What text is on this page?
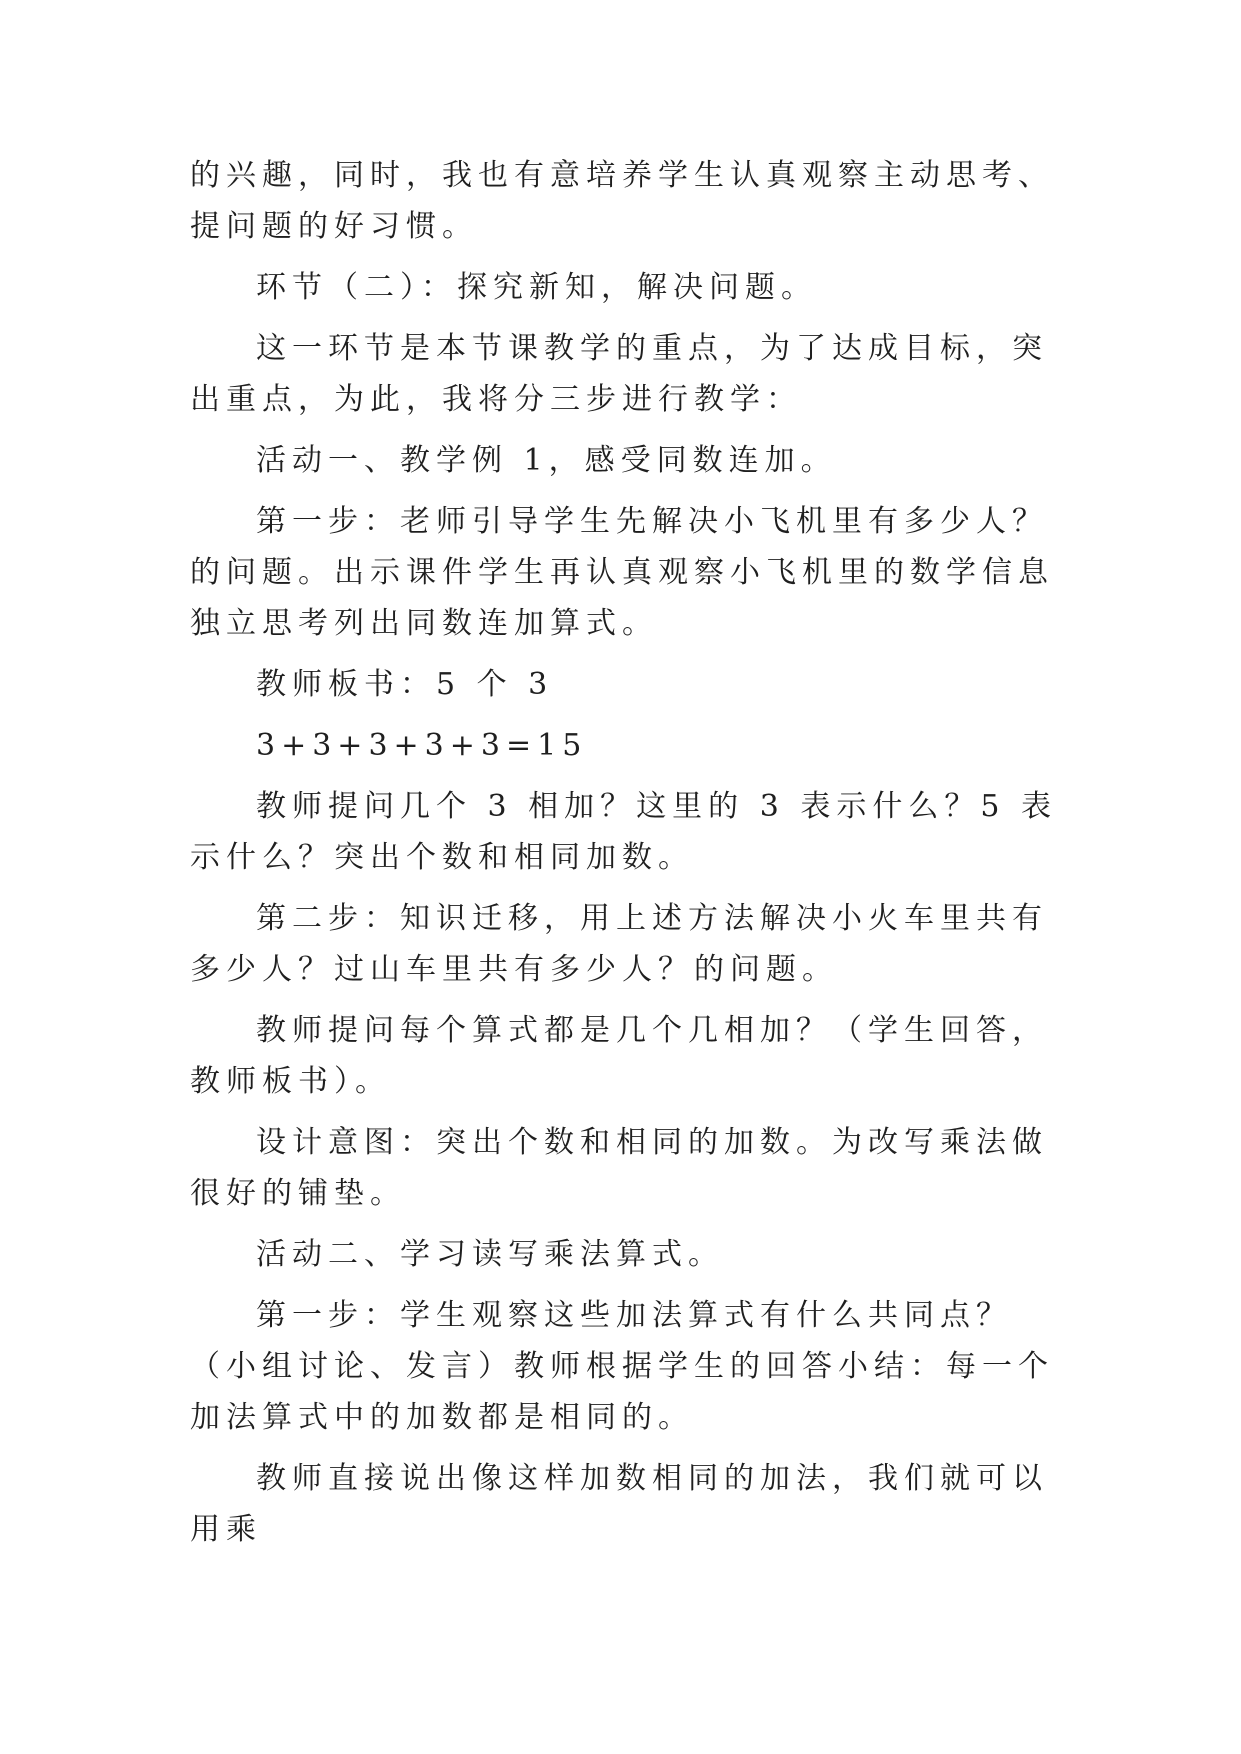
的兴趣，同时，我也有意培养学生认真观察主动思考、提问题的好习惯。

环节（二）：探究新知，解决问题。

这一环节是本节课教学的重点，为了达成目标，突出重点，为此，我将分三步进行教学：

活动一、教学例 1，感受同数连加。

第一步：老师引导学生先解决小飞机里有多少人？的问题。出示课件学生再认真观察小飞机里的数学信息独立思考列出同数连加算式。

教师板书：5 个 3

3+3+3+3+3=15

教师提问几个 3 相加？这里的 3 表示什么？5 表示什么？突出个数和相同加数。

第二步：知识迁移，用上述方法解决小火车里共有多少人？过山车里共有多少人？的问题。

教师提问每个算式都是几个几相加？（学生回答，教师板书）。

设计意图：突出个数和相同的加数。为改写乘法做很好的铺垫。

活动二、学习读写乘法算式。

第一步：学生观察这些加法算式有什么共同点？（小组讨论、发言）教师根据学生的回答小结：每一个加法算式中的加数都是相同的。

教师直接说出像这样加数相同的加法，我们就可以用乘
